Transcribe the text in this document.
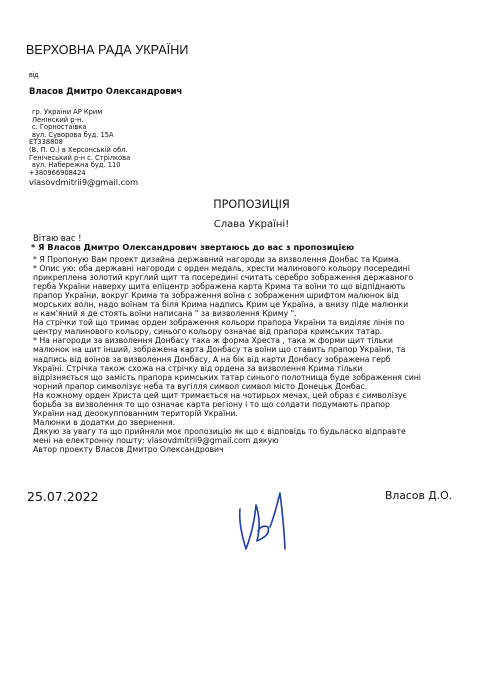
ВЕРХОВНА РАДА УКРАЇНИ
від
Власов Дмитро Олександрович
гр. України АР Крим
Ленінский р-н.
с. Горностаївка
вул. Суворова буд. 15А
ЕТ338808
(В. П. О.) в Херсонській обл.
Генічеський р-н с. Стрілкова
вул. Набережна буд. 110
+380966908424
vlasovdmitrii9@gmail.com
ПРОПОЗИЦІЯ
Слава Україні!
Вітаю вас !
* Я Власов Дмитро Олександрович звертаюсь до вас з пропозицією
* Я Пропоную Вам проект дизайна державний нагороди за визволення Донбас та Крима.
* Опис ую: оба державні нагороди с орден медаль, хрести малинового кольору посередині
прикреплена золотий круглий щит та посередині считать серебро зображення державного
герба України наверху щита епіцентр зображена карта Крима та воїни то що відпіднають
прапор України, вокруг Крима та зображення воїна с зображення шрифтом малюнок від
морських волн, надо воїнам та біля Крима надпись Крим це Україна, а внизу піде малюнки
н кам'яний я де стоять воїни написана " за визволення Криму ".
На стрічки той що тримає орден зображення кольори прапора України та виділяє лінія по
центру малинового кольору, синього кольору означає від прапора кримських татар.
* На нагороди за визволення Донбасу така ж форма Хреста , така ж форми щит тільки
малюнок на щит інший, зображена карта Донбасу та воїни що ставить прапор України, та
надпись від воїнов за визволення Донбасу, А на бік від карти Донбасу зображена герб
Україні. Стрічка також схожа на стрічку від ордена за визволення Крима тільки
відрізняється що замість прапора кримських татар синього полотнища буде зображення сині
чорний прапор символізує неба та вугілля символ символ місто Донецьк Донбас.
На кожному орден Христа цей щит тримається на чотирьох мечах, цей образ є символізує
борьба за визволення то що означає карта регіону і то що солдати подумають прапор
України над деоокуппованним територій України.
Малюнки в додатки до звернення.
Дякую за увагу та що прийняли моє пропозицію як що є відповідь то будьласко відправте
мені на електронну пошту: vlasovdmitrii9@gmail.com дякую
Автор проекту Власов Дмитро Олександрович
25.07.2022	Власов Д.О.
